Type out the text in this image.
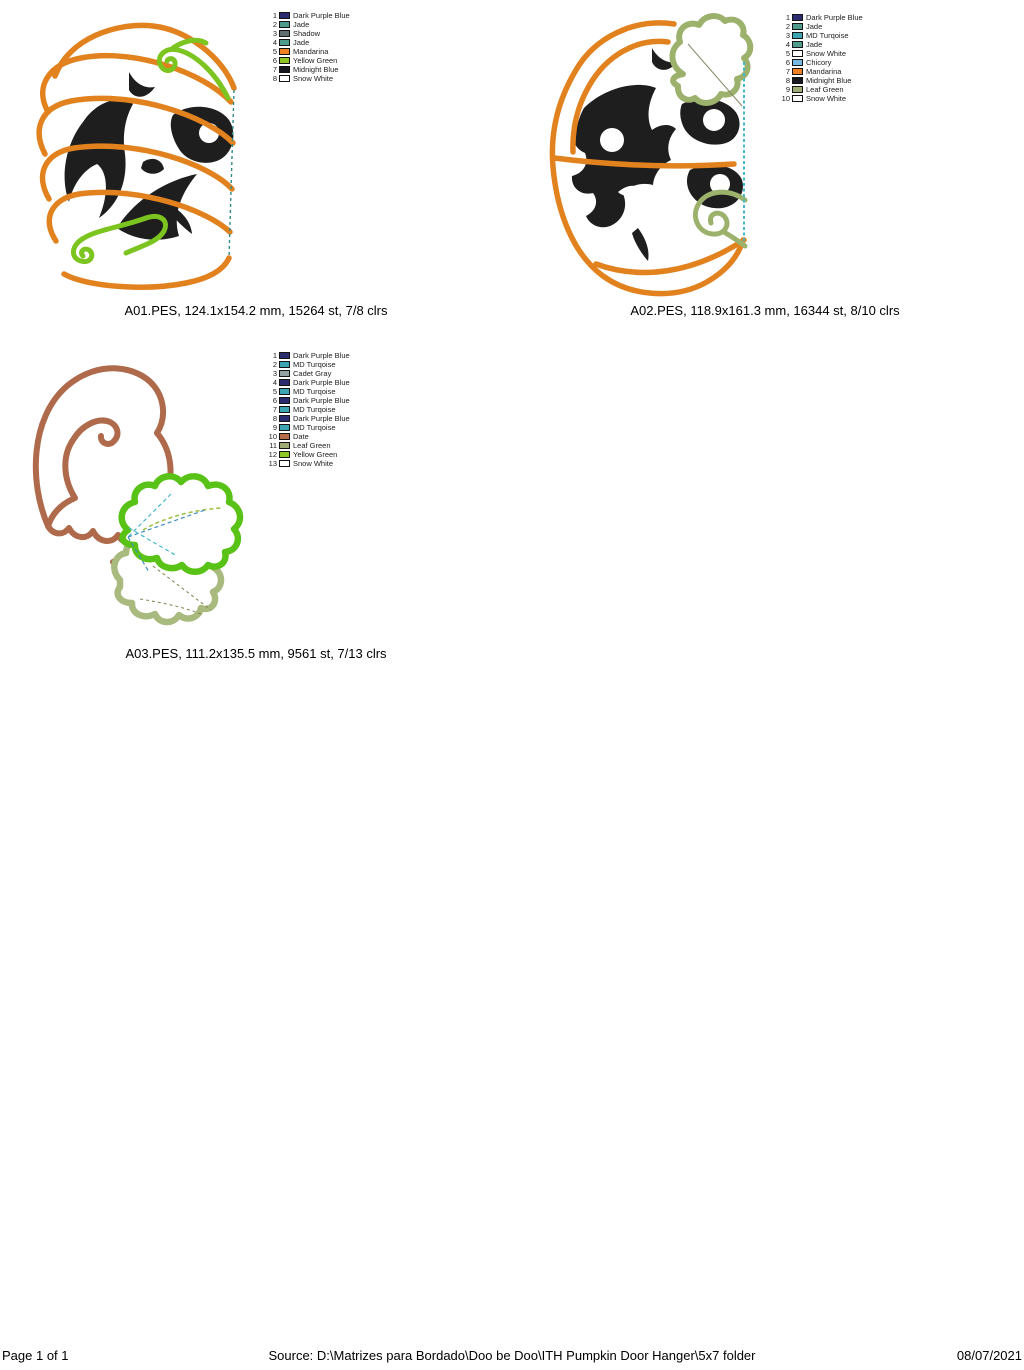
1 Dark Purple Blue
2 Jade
3 Shadow
4 Jade
5 Mandarina
6 Yellow Green
7 Midnight Blue
8 Snow White
A01.PES, 124.1x154.2 mm, 15264 st, 7/8 clrs
1 Dark Purple Blue
2 Jade
3 MD Turqoise
4 Jade
5 Snow White
6 Chicory
7 Mandarina
8 Midnight Blue
9 Leaf Green
10 Snow White
A02.PES, 118.9x161.3 mm, 16344 st, 8/10 clrs
1 Dark Purple Blue
2 MD Turqoise
3 Cadet Gray
4 Dark Purple Blue
5 MD Turqoise
6 Dark Purple Blue
7 MD Turqoise
8 Dark Purple Blue
9 MD Turqoise
10 Date
11 Leaf Green
12 Yellow Green
13 Snow White
A03.PES, 111.2x135.5 mm, 9561 st, 7/13 clrs
Page 1 of 1	Source: D:\Matrizes para Bordado\Doo be Doo\ITH Pumpkin Door Hanger\5x7 folder	08/07/2021
